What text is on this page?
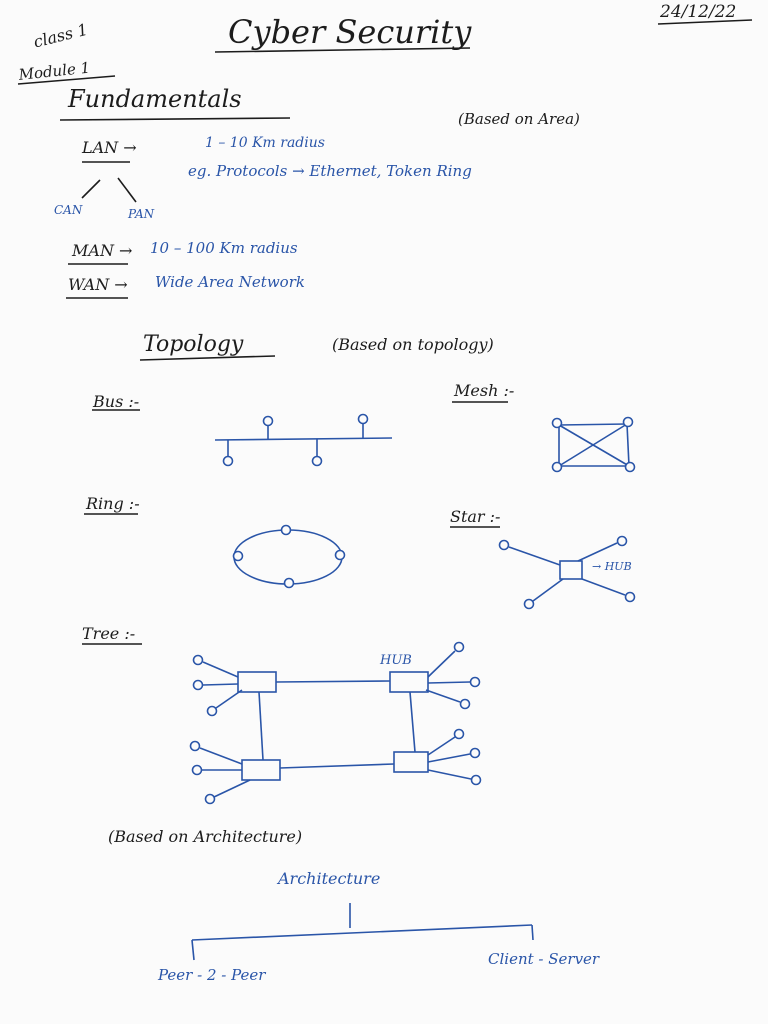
Cyber Security
24/12/22
class 1
Module 1
Fundamentals
(Based on Area)
LAN →	1 – 10 Km radius
eg. Protocols → Ethernet, Token Ring
CAN	PAN
MAN → 10 – 100 Km radius
WAN → Wide Area Network
Topology	(Based on topology)
Bus :-
Mesh :-
Ring :-
Star :-
→ HUB
Tree :-
HUB
(Based on Architecture)
Architecture
Peer - 2 - Peer
Client - Server
